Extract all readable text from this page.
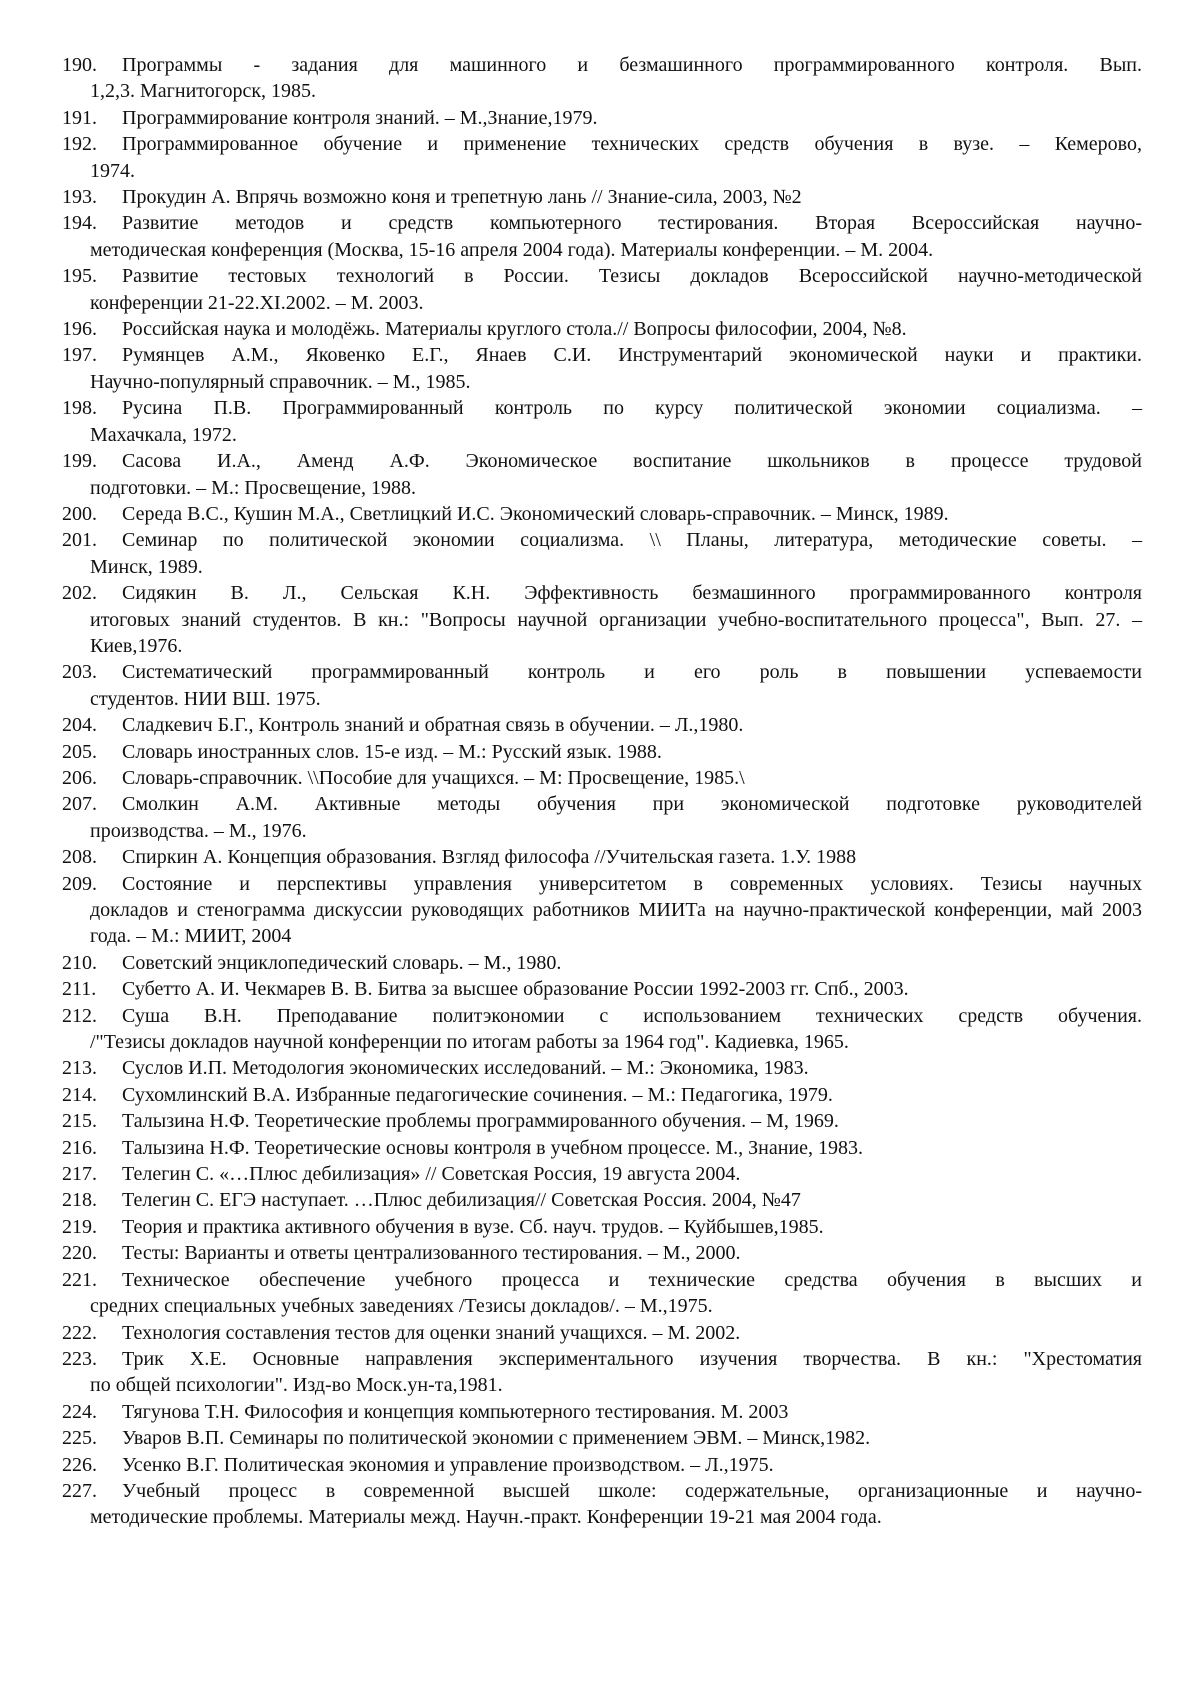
190.	Программы - задания для машинного и безмашинного программированного контроля. Вып.
1,2,3. Магнитогорск, 1985.
191.	Программирование контроля знаний. – М.,Знание,1979.
192.	Программированное обучение и применение технических средств обучения в вузе. – Кемерово,
1974.
193.	Прокудин А. Впрячь возможно коня и трепетную лань // Знание-сила, 2003, №2
194.	Развитие методов и средств компьютерного тестирования. Вторая Всероссийская научно-
методическая конференция (Москва, 15-16 апреля 2004 года). Материалы конференции. – М. 2004.
195.	Развитие тестовых технологий в России. Тезисы докладов Всероссийской научно-методической
конференции 21-22.XI.2002. – М. 2003.
196.	Российская наука и молодёжь. Материалы круглого стола.// Вопросы философии, 2004, №8.
197.	Румянцев А.М., Яковенко Е.Г., Янаев С.И. Инструментарий экономической науки и практики.
Научно-популярный справочник. – М., 1985.
198.	Русина П.В. Программированный контроль по курсу политической экономии социализма. –
Махачкала, 1972.
199.	Сасова И.А., Аменд А.Ф. Экономическое воспитание школьников в процессе трудовой
подготовки. – М.: Просвещение, 1988.
200.	Середа В.С., Кушин М.А., Светлицкий И.С. Экономический словарь-справочник. – Минск, 1989.
201.	Семинар по политической экономии социализма. \\ Планы, литература, методические советы. –
Минск, 1989.
202.	Сидякин В. Л., Сельская К.Н. Эффективность безмашинного программированного контроля
итоговых знаний студентов. В кн.: "Вопросы научной организации учебно-воспитательного процесса", Вып. 27. – Киев,1976.
203.	Систематический программированный контроль и его роль в повышении успеваемости
студентов. НИИ ВШ. 1975.
204.	Сладкевич Б.Г., Контроль знаний и обратная связь в обучении. – Л.,1980.
205.	Словарь иностранных слов. 15-е изд. – М.: Русский язык. 1988.
206.	Словарь-справочник. \\Пособие для учащихся. – М: Просвещение, 1985.\
207.	Смолкин А.М. Активные методы обучения при экономической подготовке руководителей
производства. – М., 1976.
208.	Спиркин А. Концепция образования. Взгляд философа //Учительская газета. 1.У. 1988
209.	Состояние и перспективы управления университетом в современных условиях. Тезисы научных
докладов и стенограмма дискуссии руководящих работников МИИТа на научно-практической конференции, май 2003 года. – М.: МИИТ, 2004
210.	Советский энциклопедический словарь. – М., 1980.
211.	Субетто А. И. Чекмарев В. В. Битва за высшее образование России 1992-2003 гг. Спб., 2003.
212.	Суша В.Н. Преподавание политэкономии с использованием технических средств обучения.
/"Тезисы докладов научной конференции по итогам работы за 1964 год". Кадиевка, 1965.
213.	Суслов И.П. Методология экономических исследований. – М.: Экономика, 1983.
214.	Сухомлинский В.А. Избранные педагогические сочинения. – М.: Педагогика, 1979.
215.	Талызина Н.Ф. Теоретические проблемы программированного обучения. – М, 1969.
216.	Талызина Н.Ф. Теоретические основы контроля в учебном процессе. М., Знание, 1983.
217.	Телегин С. «…Плюс дебилизация» // Советская Россия, 19 августа 2004.
218.	Телегин С. ЕГЭ наступает. …Плюс дебилизация// Советская Россия. 2004, №47
219.	Теория и практика активного обучения в вузе. Сб. науч. трудов. – Куйбышев,1985.
220.	Тесты: Варианты и ответы централизованного тестирования. – М., 2000.
221.	Техническое обеспечение учебного процесса и технические средства обучения в высших и
средних специальных учебных заведениях /Тезисы докладов/. – М.,1975.
222.	Технология составления тестов для оценки знаний учащихся. – М. 2002.
223.	Трик Х.Е. Основные направления экспериментального изучения творчества. В кн.: "Хрестоматия
по общей психологии". Изд-во Моск.ун-та,1981.
224.	Тягунова Т.Н. Философия и концепция компьютерного тестирования. М. 2003
225.	Уваров В.П. Семинары по политической экономии с применением ЭВМ. – Минск,1982.
226.	Усенко В.Г. Политическая экономия и управление производством. – Л.,1975.
227.	Учебный процесс в современной высшей школе: содержательные, организационные и научно-
методические проблемы. Материалы межд. Научн.-практ. Конференции 19-21 мая 2004 года.
